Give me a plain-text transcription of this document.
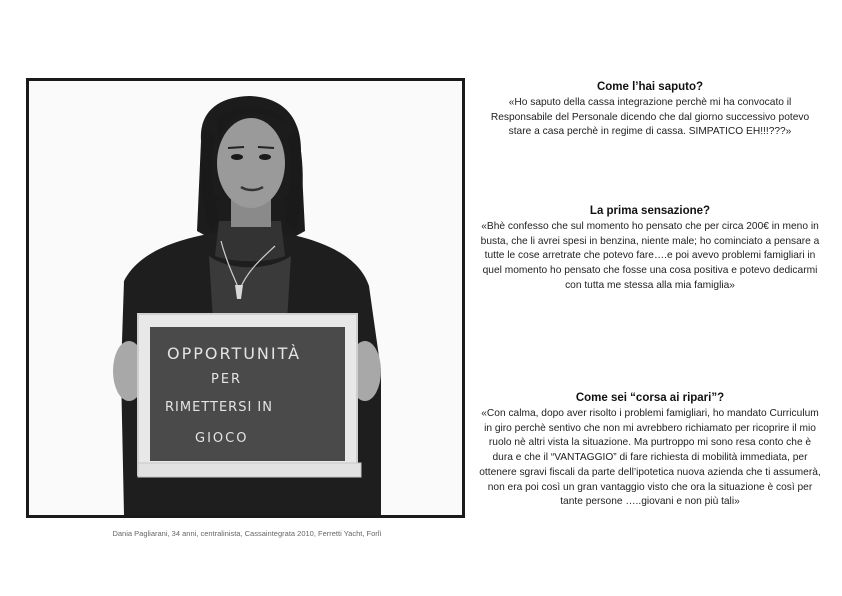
OPPORTUNITÀ
PER
RIMETTERSI IN
GIOCO
Dania Pagliarani, 34 anni, centralinista, Cassaintegrata 2010, Ferretti Yacht, Forlì
Come l’hai saputo?

«Ho saputo della cassa integrazione perchè mi ha convocato il Responsabile del Personale dicendo che dal giorno successivo potevo stare a casa perchè in regime di cassa. SIMPATICO EH!!!???»

La prima sensazione?

«Bhè confesso che sul momento ho pensato che per circa 200€ in meno in busta, che li avrei spesi in benzina, niente male; ho cominciato a pensare a tutte le cose arretrate che potevo fare….e poi avevo problemi famigliari in quel momento ho pensato che fosse una cosa positiva e potevo dedicarmi con tutta me stessa alla mia famiglia»

Come sei “corsa ai ripari”?

«Con calma, dopo aver risolto i problemi famigliari, ho mandato Curriculum in giro perchè sentivo che non mi avrebbero richiamato per ricoprire il mio ruolo nè altri vista la situazione. Ma purtroppo mi sono resa conto che è dura e che il “VANTAGGIO” di fare richiesta di mobilità immediata, per ottenere sgravi fiscali da parte dell’ipotetica nuova azienda che ti assumerà, non era poi così un gran vantaggio visto che ora la situazione è così per tante persone …..giovani e non più tali»
